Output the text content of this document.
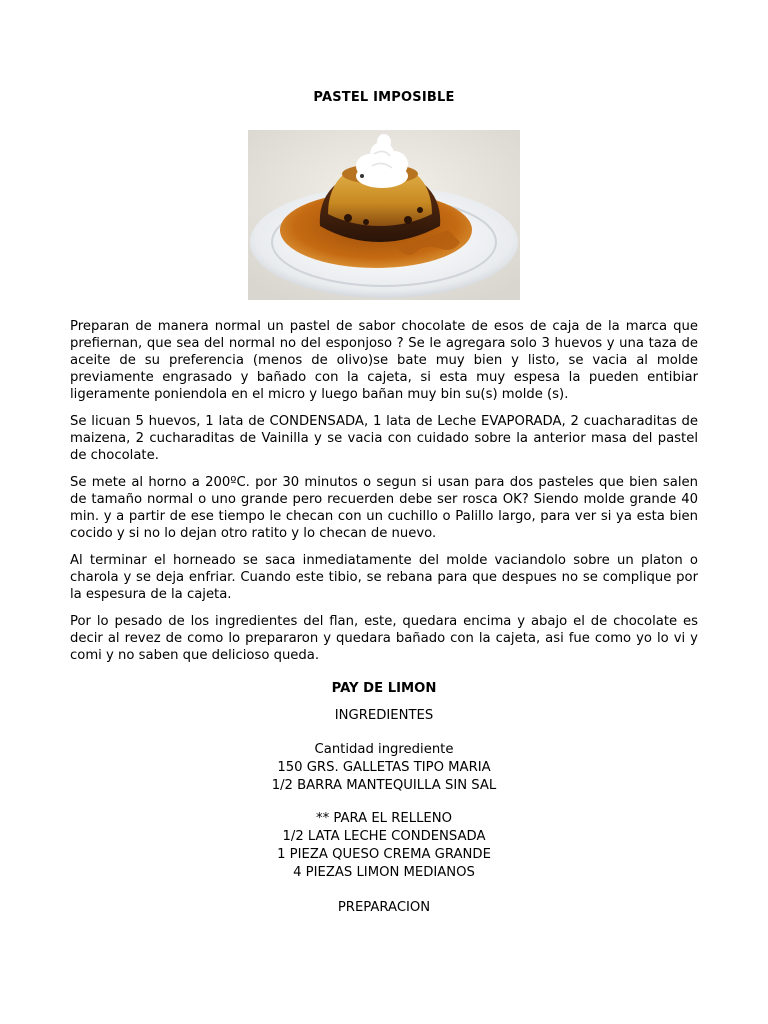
PASTEL IMPOSIBLE

Preparan de manera normal un pastel de sabor chocolate de esos de caja de la marca que prefiernan, que sea del normal no del esponjoso ? Se le agregara solo 3 huevos y una taza de aceite de su preferencia (menos de olivo)se bate muy bien y listo, se vacia al molde previamente engrasado y bañado con la cajeta, si esta muy espesa la pueden entibiar ligeramente poniendola en el micro y luego bañan muy bin su(s) molde (s).

Se licuan 5 huevos, 1 lata de CONDENSADA, 1 lata de Leche EVAPORADA, 2 cuacharaditas de maizena, 2 cucharaditas de Vainilla y se vacia con cuidado sobre la anterior masa del pastel de chocolate.

Se mete al horno a 200ºC. por 30 minutos o segun si usan para dos pasteles que bien salen de tamaño normal o uno grande pero recuerden debe ser rosca OK? Siendo molde grande 40 min. y a partir de ese tiempo le checan con un cuchillo o Palillo largo, para ver si ya esta bien cocido y si no lo dejan otro ratito y lo checan de nuevo.

Al terminar el horneado se saca inmediatamente del molde vaciandolo sobre un platon o charola y se deja enfriar. Cuando este tibio, se rebana para que despues no se complique por la espesura de la cajeta.

Por lo pesado de los ingredientes del flan, este, quedara encima y abajo el de chocolate es decir al revez de como lo prepararon y quedara bañado con la cajeta, asi fue como yo lo vi y comi y no saben que delicioso queda.

PAY DE LIMON
INGREDIENTES
Cantidad ingrediente
150 GRS. GALLETAS TIPO MARIA
1/2 BARRA MANTEQUILLA SIN SAL
** PARA EL RELLENO
1/2 LATA LECHE CONDENSADA
1 PIEZA QUESO CREMA GRANDE
4 PIEZAS LIMON MEDIANOS
PREPARACION
